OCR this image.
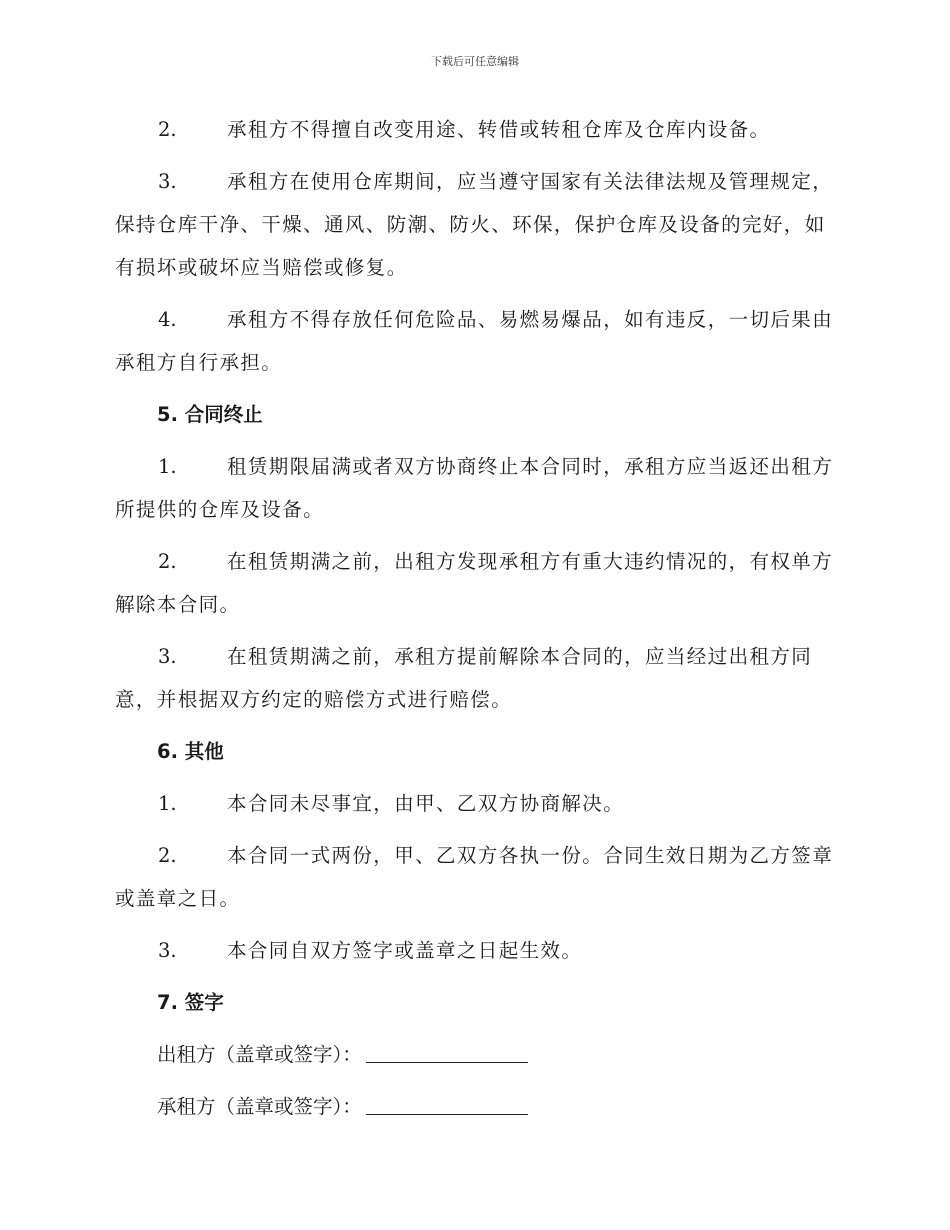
下载后可任意编辑
2.	承租方不得擅自改变用途、转借或转租仓库及仓库内设备。
3.	承租方在使用仓库期间，应当遵守国家有关法律法规及管理规定，保持仓库干净、干燥、通风、防潮、防火、环保，保护仓库及设备的完好，如有损坏或破坏应当赔偿或修复。
4.	承租方不得存放任何危险品、易燃易爆品，如有违反，一切后果由承租方自行承担。
5. 合同终止
1.	租赁期限届满或者双方协商终止本合同时，承租方应当返还出租方所提供的仓库及设备。
2.	在租赁期满之前，出租方发现承租方有重大违约情况的，有权单方解除本合同。
3.	在租赁期满之前，承租方提前解除本合同的，应当经过出租方同意，并根据双方约定的赔偿方式进行赔偿。
6. 其他
1.	本合同未尽事宜，由甲、乙双方协商解决。
2.	本合同一式两份，甲、乙双方各执一份。合同生效日期为乙方签章或盖章之日。
3.	本合同自双方签字或盖章之日起生效。
7. 签字
出租方（盖章或签字）：
承租方（盖章或签字）：
